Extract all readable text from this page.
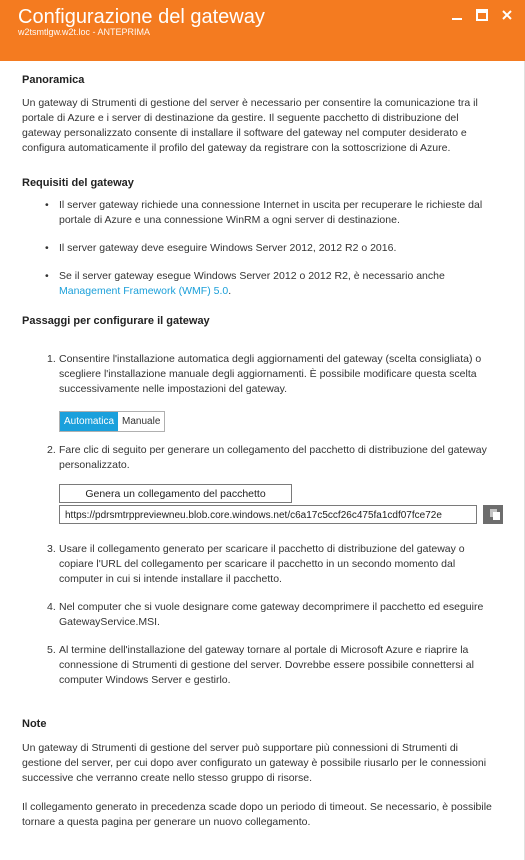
Configurazione del gateway
w2tsmtlgw.w2t.loc - ANTEPRIMA
Panoramica

Un gateway di Strumenti di gestione del server è necessario per consentire la comunicazione tra il portale di Azure e i server di destinazione da gestire. Il seguente pacchetto di distribuzione del gateway personalizzato consente di installare il software del gateway nel computer desiderato e configura automaticamente il profilo del gateway da registrare con la sottoscrizione di Azure.

Requisiti del gateway
• Il server gateway richiede una connessione Internet in uscita per recuperare le richieste dal portale di Azure e una connessione WinRM a ogni server di destinazione.
• Il server gateway deve eseguire Windows Server 2012, 2012 R2 o 2016.
• Se il server gateway esegue Windows Server 2012 o 2012 R2, è necessario anche
Management Framework (WMF) 5.0.
Passaggi per configurare il gateway
1. Consentire l'installazione automatica degli aggiornamenti del gateway (scelta consigliata) o scegliere l'installazione manuale degli aggiornamenti. È possibile modificare questa scelta successivamente nelle impostazioni del gateway.
Automatica Manuale
2. Fare clic di seguito per generare un collegamento del pacchetto di distribuzione del gateway personalizzato.
Genera un collegamento del pacchetto
https://pdrsmtrppreviewneu.blob.core.windows.net/c6a17c5ccf26c475fa1cdf07fce72e
3. Usare il collegamento generato per scaricare il pacchetto di distribuzione del gateway o copiare l'URL del collegamento per scaricare il pacchetto in un secondo momento dal computer in cui si intende installare il pacchetto.
4. Nel computer che si vuole designare come gateway decomprimere il pacchetto ed eseguire GatewayService.MSI.
5. Al termine dell'installazione del gateway tornare al portale di Microsoft Azure e riaprire la connessione di Strumenti di gestione del server. Dovrebbe essere possibile connettersi al computer Windows Server e gestirlo.
Note

Un gateway di Strumenti di gestione del server può supportare più connessioni di Strumenti di gestione del server, per cui dopo aver configurato un gateway è possibile riusarlo per le connessioni successive che verranno create nello stesso gruppo di risorse.

Il collegamento generato in precedenza scade dopo un periodo di timeout. Se necessario, è possibile tornare a questa pagina per generare un nuovo collegamento.
